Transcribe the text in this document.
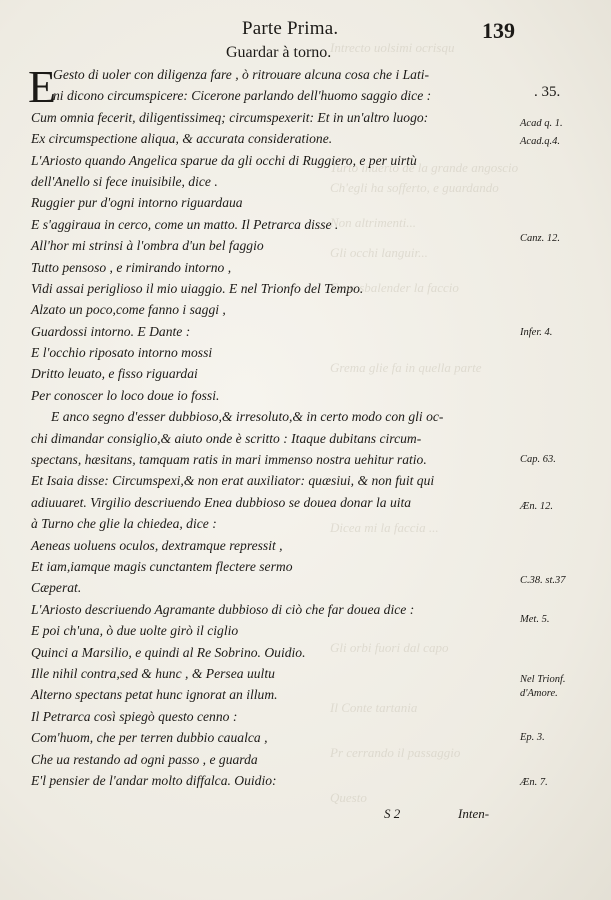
Intrecto uolsimi ocrisqu
Turto inuerto de la grande angoscio
Ch'egli ha sofferto, e guardando
Non altrimenti...
Gli occhi languir...
Ecco sbalender la faccio
Grema glie fa in quella parte
Dicea mi la faccia ...
Gli orbi fuori dal capo
Il Conte tartania
Pr cerrando il passaggio
Questo
Parte Prima.	139
Guardar à torno.
E
Gesto di uoler con diligenza fare , ò ritrouare alcuna cosa che i Lati-
ni dicono circumspicere: Cicerone parlando dell'huomo saggio dice :
Cum omnia fecerit, diligentissimeq; circumspexerit: Et in un'altro luogo:
Ex circumspectione aliqua, & accurata consideratione.
L'Ariosto quando Angelica sparue da gli occhi di Ruggiero, e per uirtù
dell'Anello si fece inuisibile, dice .
Ruggier pur d'ogni intorno riguardaua
E s'aggiraua in cerco, come un matto. Il Petrarca disse .
All'hor mi strinsi à l'ombra d'un bel faggio
Tutto pensoso , e rimirando intorno ,
Vidi assai periglioso il mio uiaggio. E nel Trionfo del Tempo.
Alzato un poco,come fanno i saggi ,
Guardossi intorno. E Dante :
E l'occhio riposato intorno mossi
Dritto leuato, e fisso riguardai
Per conoscer lo loco doue io fossi.
E anco segno d'esser dubbioso,& irresoluto,& in certo modo con gli oc-
chi dimandar consiglio,& aiuto onde è scritto : Itaque dubitans circum-
spectans, hæsitans, tamquam ratis in mari immenso nostra uehitur ratio.
Et Isaia disse: Circumspexi,& non erat auxiliator: quæsiui, & non fuit qui
adiuuaret. Virgilio descriuendo Enea dubbioso se douea donar la uita
à Turno che glie la chiedea, dice :
Aeneas uoluens oculos, dextramque repressit ,
Et iam,iamque magis cunctantem flectere sermo
Cæperat.
L'Ariosto descriuendo Agramante dubbioso di ciò che far douea dice :
E poi ch'una, ò due uolte girò il ciglio
Quinci a Marsilio, e quindi al Re Sobrino. Ouidio.
Ille nihil contra,sed & hunc , & Persea uultu
Alterno spectans petat hunc ignorat an illum.
Il Petrarca così spiegò questo cenno :
Com'huom, che per terren dubbio caualca ,
Che ua restando ad ogni passo , e guarda
E'l pensier de l'andar molto diffalca. Ouidio:
. 35.
Acad q. 1.
Acad.q.4.
Canz. 12.
Infer. 4.
Cap. 63.
Æn. 12.
C.38. st.37
Met. 5.
Nel Trionf.
d'Amore.
Ep. 3.
Æn. 7.
S 2	Inten-
